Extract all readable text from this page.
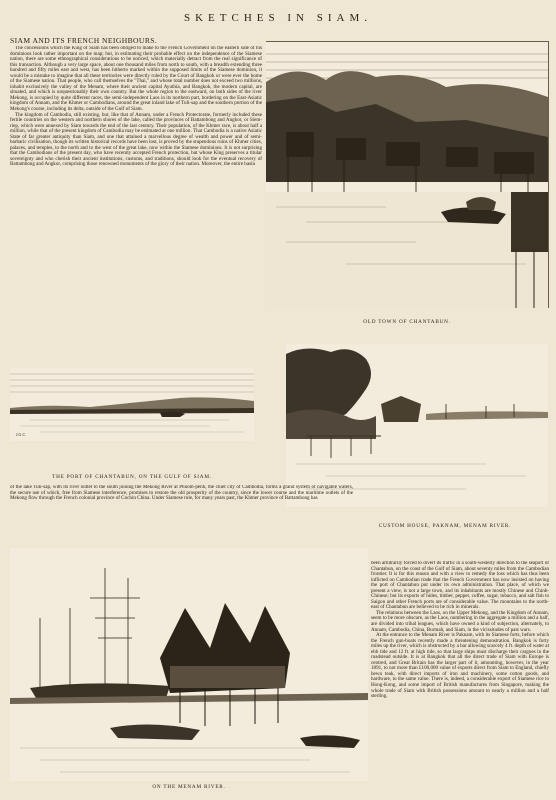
SKETCHES IN SIAM.
SIAM AND ITS FRENCH NEIGHBOURS.

The concessions which the King of Siam has been obliged to make to the French Government on the eastern side of his dominions look rather important on the map; but, in estimating their probable effect on the independence of the Siamese nation, there are some ethnographical considerations to be noticed, which materially detract from the real significance of this transaction. Although a very large space, about one thousand miles from north to south, with a breadth extending three hundred and fifty miles east and west, has been hitherto marked within the supposed limits of the Siamese dominion, it would be a mistake to imagine that all these territories were directly ruled by the Court of Bangkok or were ever the home of the Siamese nation. That people, who call themselves the "Thai," and whose total number does not exceed two millions, inhabit exclusively the valley of the Menam, where their ancient capital Ayuthia, and Bangkok, the modern capital, are situated, and which is unquestionably their own country. But the whole region to the eastward, on both sides of the river Mekong, is occupied by quite different races, the semi-independent Laos in its northern part, bordering on the East-Asiatic kingdom of Annam, and the Khmer or Cambodians, around the great inland lake of Tuli-sap and the southern portion of the Mekong's course, including its delta, outside of the Gulf of Siam.

The kingdom of Cambodia, still existing, but, like that of Annam, under a French Protectorate, formerly included these fertile countries on the western and northern shores of the lake, called the provinces of Battambong and Angkor, or Siem-riep, which were annexed by Siam towards the end of the last century. Their population, of the Khmer race, is about half a million, while that of the present kingdom of Cambodia may be estimated at one million. That Cambodia is a native Asiatic State of far greater antiquity than Siam, and one that attained a marvellous degree of wealth and power and of semi-barbaric civilisation, though its written historical records have been lost, is proved by the stupendous ruins of Khmer cities, palaces, and temples, to the north and to the west of the great lake, now within the Siamese dominions. It is not surprising that the Cambodians of the present day, who have recently accepted French protection, but whose King preserves a titular sovereignty and who cherish their ancient institutions, customs, and traditions, should look for the eventual recovery of Battambong and Angkor, comprising those renowned monuments of the glory of their nation. Moreover, the entire basin

OLD TOWN OF CHANTABUN.
J.G.C.
THE PORT OF CHANTABUN, ON THE GULF OF SIAM.
CUSTOM HOUSE, PAKNAM, MENAM RIVER.

of the lake Tuli-sap, with its river outlet to the south joining the Mekong River at Phnom-penh, the chief city of Cambodia, forms a grand system of navigable waters, the secure use of which, free from Siamese interference, promises to restore the old prosperity of the country, since the lower course and the maritime outlets of the Mekong flow through the French colonial province of Cochin China. Under Siamese rule, for many years past, the Khmer province of Battambong has

ON THE MENAM RIVER.

been arbitrarily forced to divert its traffic in a south-westerly direction to the seaport of Chantabun, on the coast of the Gulf of Siam, about seventy miles from the Cambodian frontier. It is for this reason and with a view to remedy the loss which has thus been inflicted on Cambodian trade that the French Government has now insisted on having the port of Chantabun put under its own administration. That place, of which we present a view, is not a large town, and its inhabitants are mostly Chinese and Chinb-Chinese; but its exports of hides, timber, pepper, coffee, sugar, tobacco, and salt fish to Saigon and other French ports are of considerable value. The mountains to the north-east of Chantabun are believed to be rich in minerals.

The relations between the Laos, on the Upper Mekong, and the Kingdom of Annam, seem to be more obscure, as the Laos, numbering in the aggregate a million and a half, are divided into tribal leagues, which have owned a kind of subjection, alternately, to Annam, Cambodia, China, Burmah, and Siam, in the vicissitudes of past wars.

At the entrance to the Menam River is Paknam, with its Siamese forts, before which the French gun-boats recently made a threatening demonstration. Bangkok is forty miles up the river, which is obstructed by a bar allowing scarcely 4 ft. depth of water at ebb tide and 12 ft. at high tide, so that large ships must discharge their cargoes in the roadstead outside. It is at Bangkok that all the direct trade of Siam with Europe is centred, and Great Britain has the larger part of it, amounting, however, in the year 1891, to not more than £100,000 value of exports direct from Siam to England, chiefly hewn teak, with direct imports of iron and machinery, some cotton goods, and hardware, to the same value. There is, indeed, a considerable export of Siamese rice to Hong-Kong, and some import of British manufactures from Singapore, making the whole trade of Siam with British possessions amount to nearly a million and a half sterling.
